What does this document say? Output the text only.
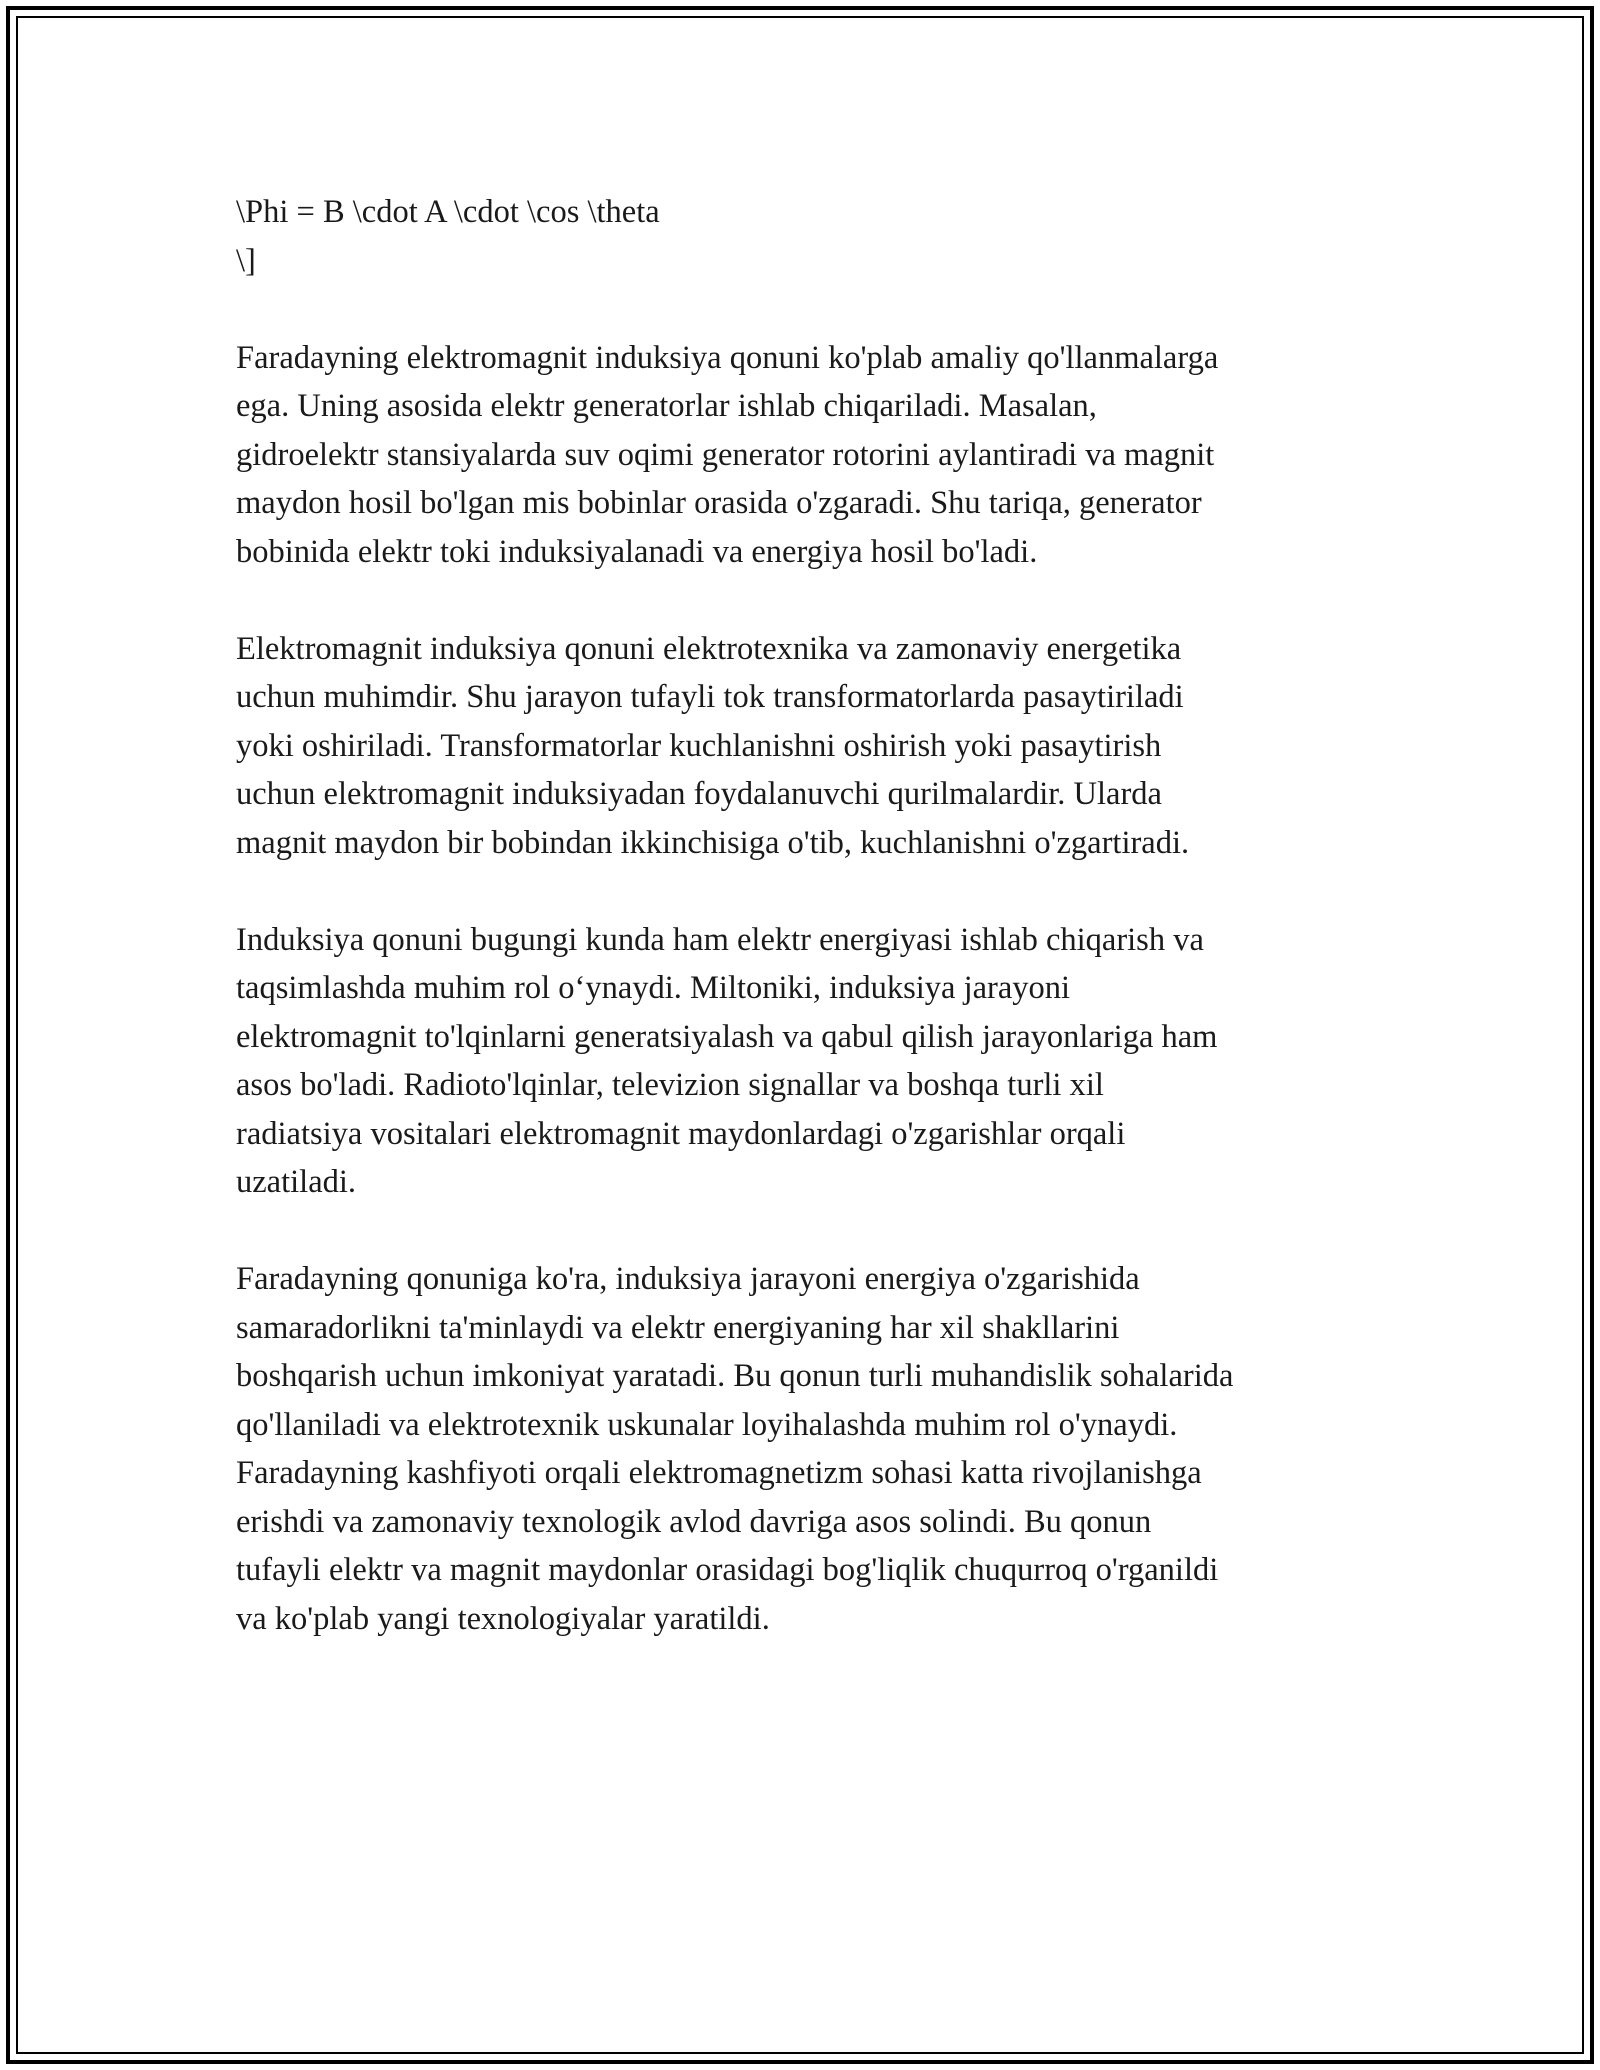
\Phi = B \cdot A \cdot \cos \theta
\]
Faradayning elektromagnit induksiya qonuni ko'plab amaliy qo'llanmalarga
ega. Uning asosida elektr generatorlar ishlab chiqariladi. Masalan,
gidroelektr stansiyalarda suv oqimi generator rotorini aylantiradi va magnit
maydon hosil bo'lgan mis bobinlar orasida o'zgaradi. Shu tariqa, generator
bobinida elektr toki induksiyalanadi va energiya hosil bo'ladi.
Elektromagnit induksiya qonuni elektrotexnika va zamonaviy energetika
uchun muhimdir. Shu jarayon tufayli tok transformatorlarda pasaytiriladi
yoki oshiriladi. Transformatorlar kuchlanishni oshirish yoki pasaytirish
uchun elektromagnit induksiyadan foydalanuvchi qurilmalardir. Ularda
magnit maydon bir bobindan ikkinchisiga o'tib, kuchlanishni o'zgartiradi.
Induksiya qonuni bugungi kunda ham elektr energiyasi ishlab chiqarish va
taqsimlashda muhim rol o‘ynaydi. Miltoniki, induksiya jarayoni
elektromagnit to'lqinlarni generatsiyalash va qabul qilish jarayonlariga ham
asos bo'ladi. Radioto'lqinlar, televizion signallar va boshqa turli xil
radiatsiya vositalari elektromagnit maydonlardagi o'zgarishlar orqali
uzatiladi.
Faradayning qonuniga ko'ra, induksiya jarayoni energiya o'zgarishida
samaradorlikni ta'minlaydi va elektr energiyaning har xil shakllarini
boshqarish uchun imkoniyat yaratadi. Bu qonun turli muhandislik sohalarida
qo'llaniladi va elektrotexnik uskunalar loyihalashda muhim rol o'ynaydi.
Faradayning kashfiyoti orqali elektromagnetizm sohasi katta rivojlanishga
erishdi va zamonaviy texnologik avlod davriga asos solindi. Bu qonun
tufayli elektr va magnit maydonlar orasidagi bog'liqlik chuqurroq o'rganildi
va ko'plab yangi texnologiyalar yaratildi.
